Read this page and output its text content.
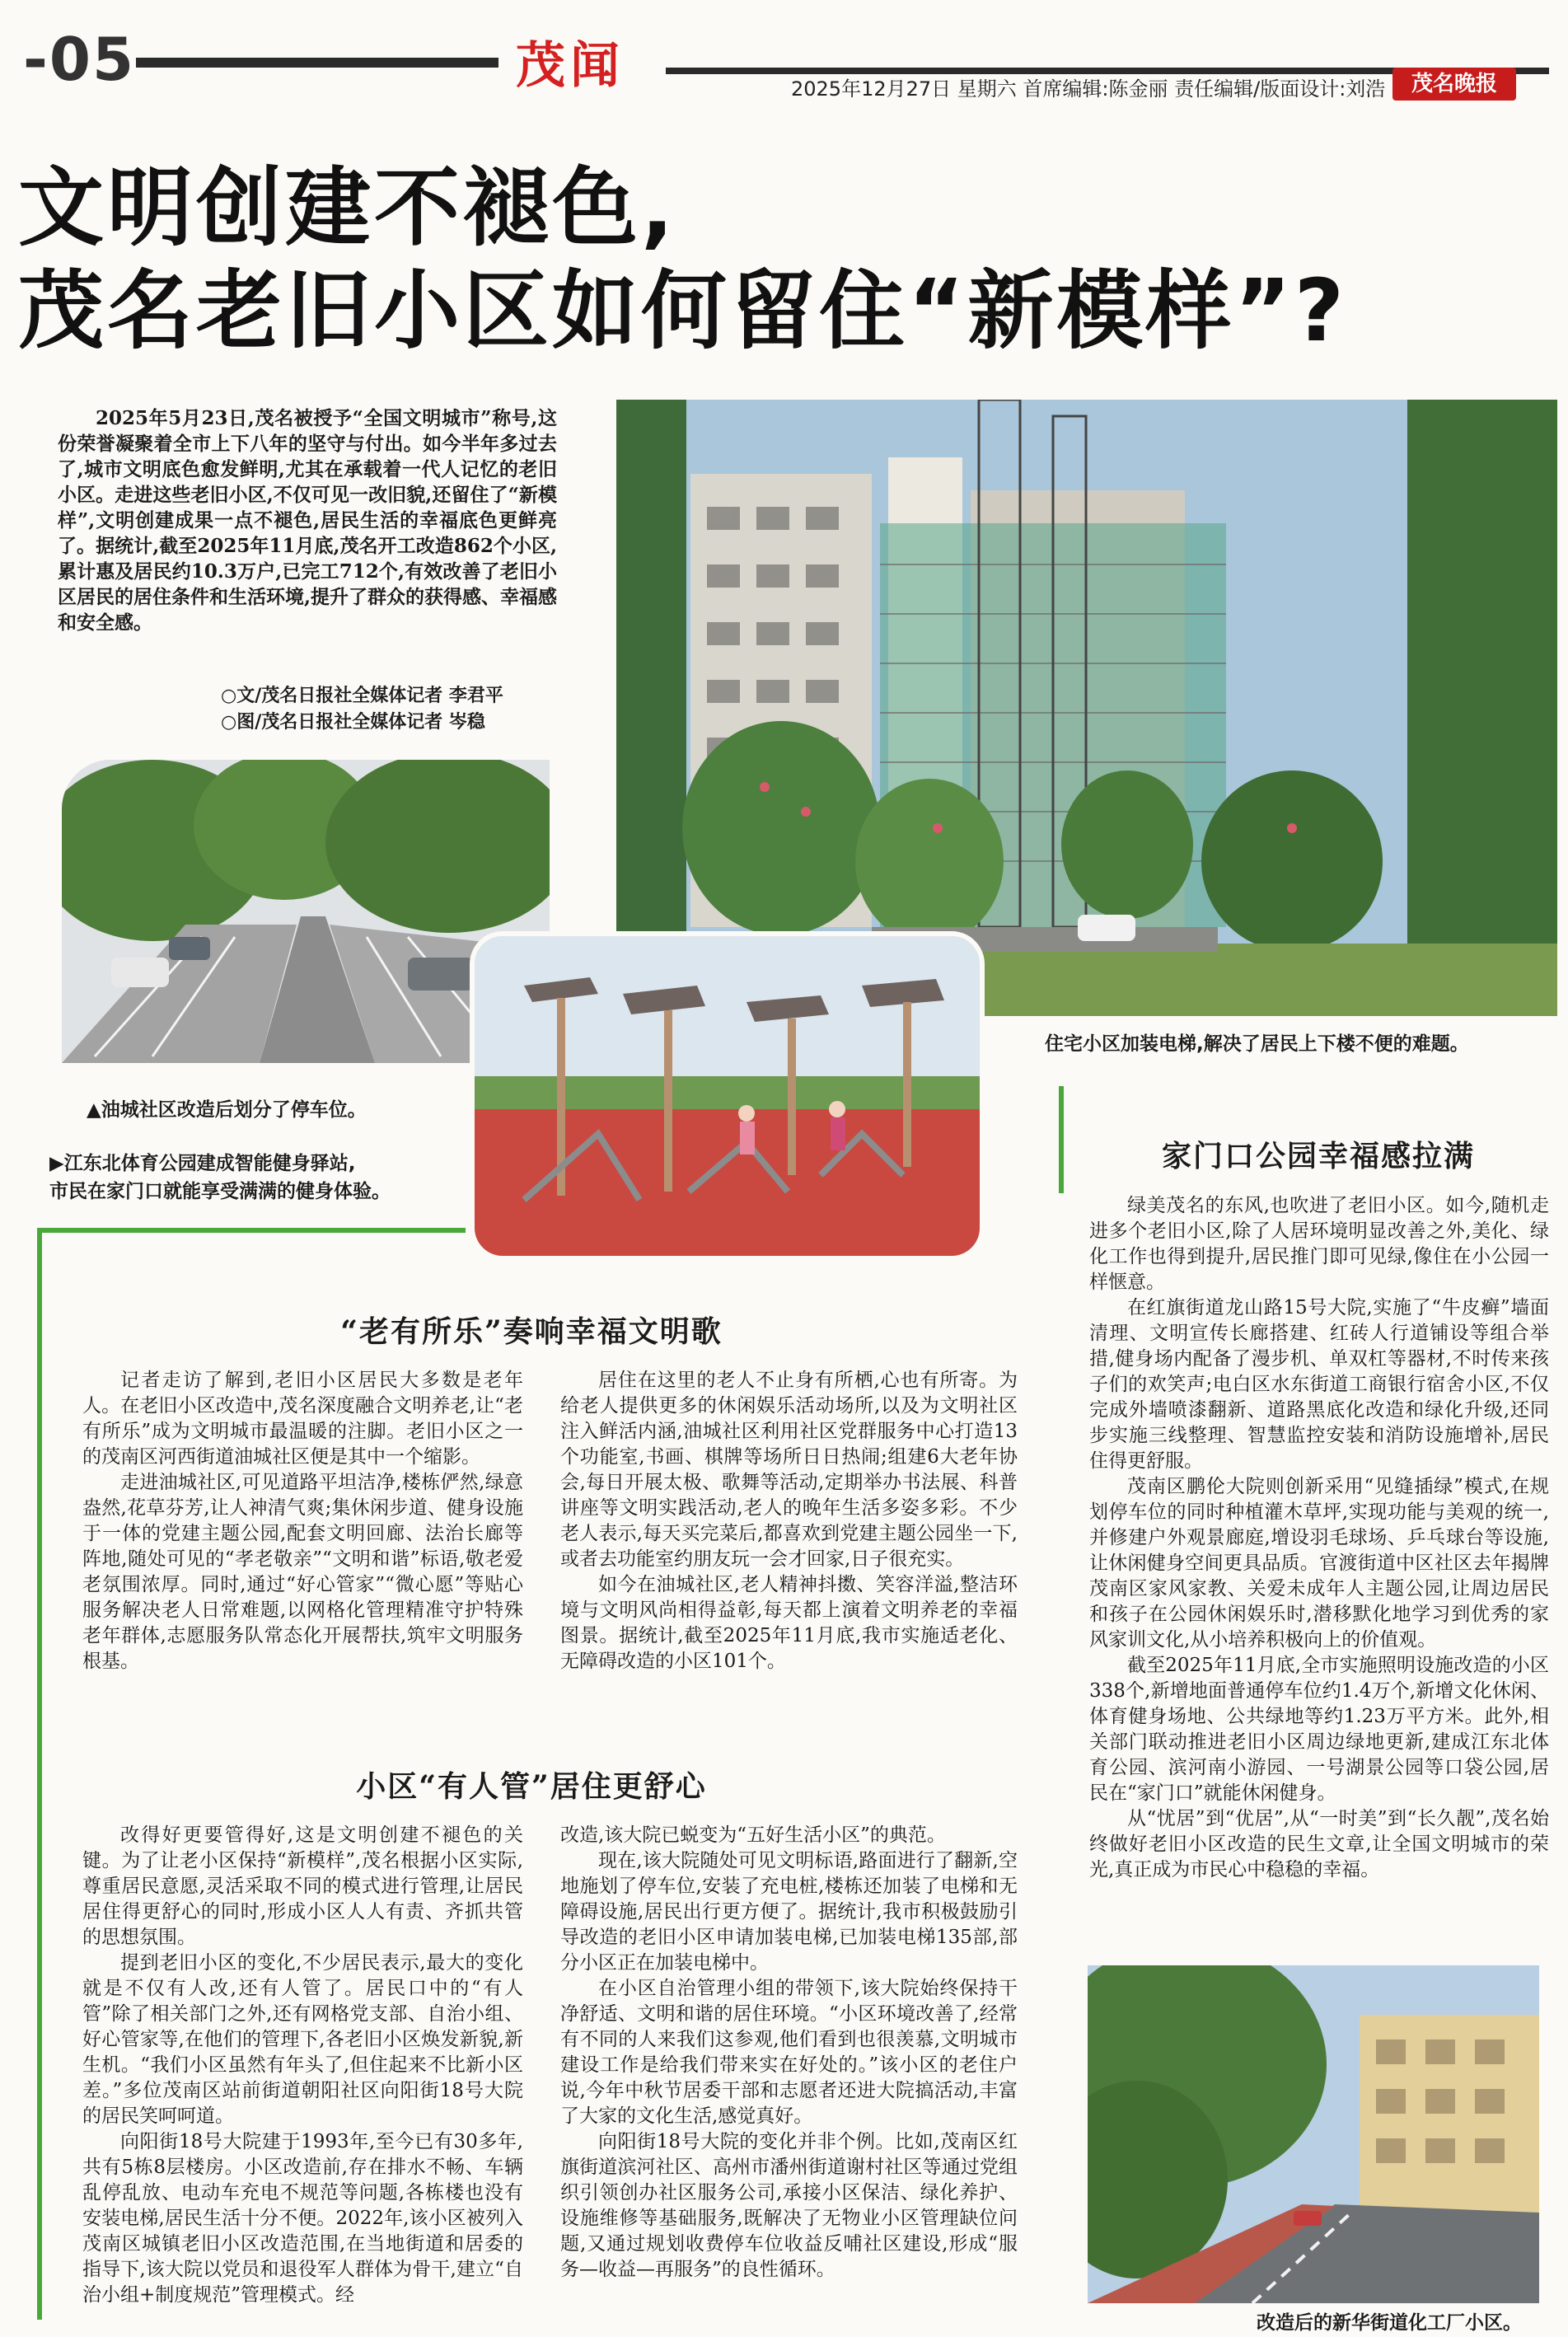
-05	茂闻	2025年12月27日 星期六 首席编辑:陈金丽 责任编辑/版面设计:刘浩	茂名晚报
文明创建不褪色,
茂名老旧小区如何留住“新模样”?
2025年5月23日,茂名被授予“全国文明城市”称号,这份荣誉凝聚着全市上下八年的坚守与付出。如今半年多过去了,城市文明底色愈发鲜明,尤其在承载着一代人记忆的老旧小区。走进这些老旧小区,不仅可见一改旧貌,还留住了“新模样”,文明创建成果一点不褪色,居民生活的幸福底色更鲜亮了。据统计,截至2025年11月底,茂名开工改造862个小区,累计惠及居民约10.3万户,已完工712个,有效改善了老旧小区居民的居住条件和生活环境,提升了群众的获得感、幸福感和安全感。
○文/茂名日报社全媒体记者 李君平
○图/茂名日报社全媒体记者 岑稳
住宅小区加装电梯,解决了居民上下楼不便的难题。
▲油城社区改造后划分了停车位。
▶江东北体育公园建成智能健身驿站,
市民在家门口就能享受满满的健身体验。
“老有所乐”奏响幸福文明歌

记者走访了解到,老旧小区居民大多数是老年人。在老旧小区改造中,茂名深度融合文明养老,让“老有所乐”成为文明城市最温暖的注脚。老旧小区之一的茂南区河西街道油城社区便是其中一个缩影。

走进油城社区,可见道路平坦洁净,楼栋俨然,绿意盎然,花草芬芳,让人神清气爽;集休闲步道、健身设施于一体的党建主题公园,配套文明回廊、法治长廊等阵地,随处可见的“孝老敬亲”“文明和谐”标语,敬老爱老氛围浓厚。同时,通过“好心管家”“微心愿”等贴心服务解决老人日常难题,以网格化管理精准守护特殊老年群体,志愿服务队常态化开展帮扶,筑牢文明服务根基。

居住在这里的老人不止身有所栖,心也有所寄。为给老人提供更多的休闲娱乐活动场所,以及为文明社区注入鲜活内涵,油城社区利用社区党群服务中心打造13个功能室,书画、棋牌等场所日日热闹;组建6大老年协会,每日开展太极、歌舞等活动,定期举办书法展、科普讲座等文明实践活动,老人的晚年生活多姿多彩。不少老人表示,每天买完菜后,都喜欢到党建主题公园坐一下,或者去功能室约朋友玩一会才回家,日子很充实。

如今在油城社区,老人精神抖擞、笑容洋溢,整洁环境与文明风尚相得益彰,每天都上演着文明养老的幸福图景。据统计,截至2025年11月底,我市实施适老化、无障碍改造的小区101个。

小区“有人管”居住更舒心

改得好更要管得好,这是文明创建不褪色的关键。为了让老小区保持“新模样”,茂名根据小区实际,尊重居民意愿,灵活采取不同的模式进行管理,让居民居住得更舒心的同时,形成小区人人有责、齐抓共管的思想氛围。

提到老旧小区的变化,不少居民表示,最大的变化就是不仅有人改,还有人管了。居民口中的“有人管”除了相关部门之外,还有网格党支部、自治小组、好心管家等,在他们的管理下,各老旧小区焕发新貌,新生机。“我们小区虽然有年头了,但住起来不比新小区差。”多位茂南区站前街道朝阳社区向阳街18号大院的居民笑呵呵道。

向阳街18号大院建于1993年,至今已有30多年,共有5栋8层楼房。小区改造前,存在排水不畅、车辆乱停乱放、电动车充电不规范等问题,各栋楼也没有安装电梯,居民生活十分不便。2022年,该小区被列入茂南区城镇老旧小区改造范围,在当地街道和居委的指导下,该大院以党员和退役军人群体为骨干,建立“自治小组+制度规范”管理模式。经

改造,该大院已蜕变为“五好生活小区”的典范。

现在,该大院随处可见文明标语,路面进行了翻新,空地施划了停车位,安装了充电桩,楼栋还加装了电梯和无障碍设施,居民出行更方便了。据统计,我市积极鼓励引导改造的老旧小区申请加装电梯,已加装电梯135部,部分小区正在加装电梯中。

在小区自治管理小组的带领下,该大院始终保持干净舒适、文明和谐的居住环境。“小区环境改善了,经常有不同的人来我们这参观,他们看到也很羡慕,文明城市建设工作是给我们带来实在好处的。”该小区的老住户说,今年中秋节居委干部和志愿者还进大院搞活动,丰富了大家的文化生活,感觉真好。

向阳街18号大院的变化并非个例。比如,茂南区红旗街道滨河社区、高州市潘州街道谢村社区等通过党组织引领创办社区服务公司,承接小区保洁、绿化养护、设施维修等基础服务,既解决了无物业小区管理缺位问题,又通过规划收费停车位收益反哺社区建设,形成“服务—收益—再服务”的良性循环。

家门口公园幸福感拉满

绿美茂名的东风,也吹进了老旧小区。如今,随机走进多个老旧小区,除了人居环境明显改善之外,美化、绿化工作也得到提升,居民推门即可见绿,像住在小公园一样惬意。

在红旗街道龙山路15号大院,实施了“牛皮癣”墙面清理、文明宣传长廊搭建、红砖人行道铺设等组合举措,健身场内配备了漫步机、单双杠等器材,不时传来孩子们的欢笑声;电白区水东街道工商银行宿舍小区,不仅完成外墙喷漆翻新、道路黑底化改造和绿化升级,还同步实施三线整理、智慧监控安装和消防设施增补,居民住得更舒服。

茂南区鹏伦大院则创新采用“见缝插绿”模式,在规划停车位的同时种植灌木草坪,实现功能与美观的统一,并修建户外观景廊庭,增设羽毛球场、乒乓球台等设施,让休闲健身空间更具品质。官渡街道中区社区去年揭牌茂南区家风家教、关爱未成年人主题公园,让周边居民和孩子在公园休闲娱乐时,潜移默化地学习到优秀的家风家训文化,从小培养积极向上的价值观。

截至2025年11月底,全市实施照明设施改造的小区338个,新增地面普通停车位约1.4万个,新增文化休闲、体育健身场地、公共绿地等约1.23万平方米。此外,相关部门联动推进老旧小区周边绿地更新,建成江东北体育公园、滨河南小游园、一号湖景公园等口袋公园,居民在“家门口”就能休闲健身。

从“忧居”到“优居”,从“一时美”到“长久靓”,茂名始终做好老旧小区改造的民生文章,让全国文明城市的荣光,真正成为市民心中稳稳的幸福。

改造后的新华街道化工厂小区。
